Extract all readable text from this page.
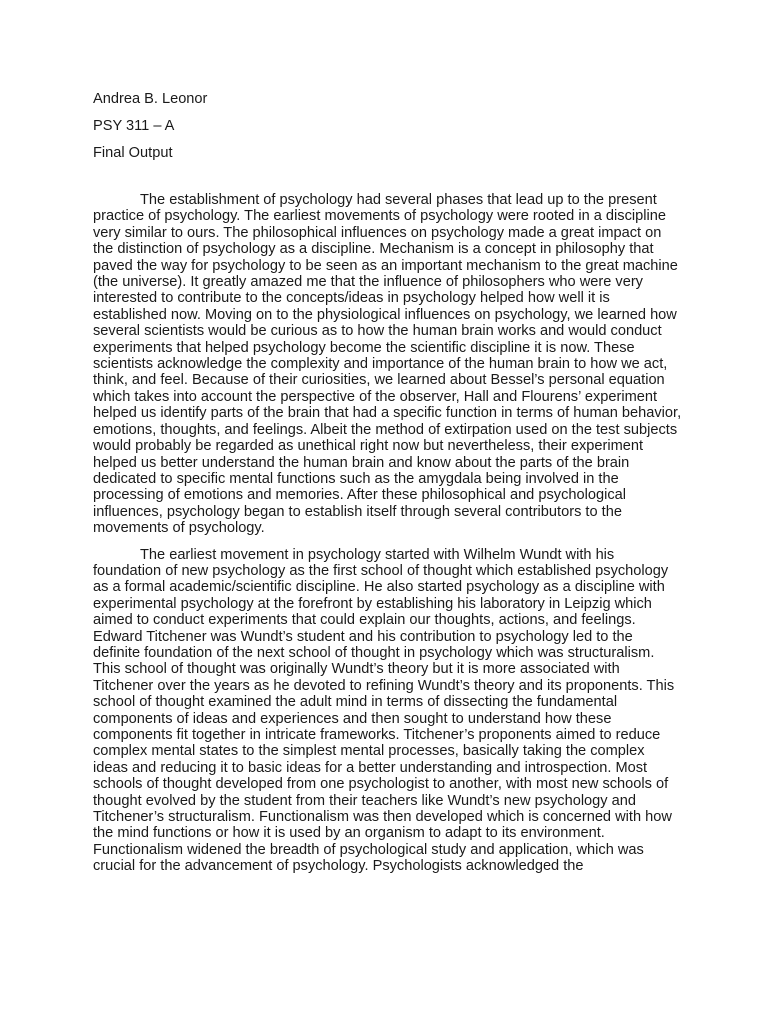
Andrea B. Leonor
PSY 311 – A
Final Output

The establishment of psychology had several phases that lead up to the present practice of psychology. The earliest movements of psychology were rooted in a discipline very similar to ours. The philosophical influences on psychology made a great impact on the distinction of psychology as a discipline. Mechanism is a concept in philosophy that paved the way for psychology to be seen as an important mechanism to the great machine (the universe). It greatly amazed me that the influence of philosophers who were very interested to contribute to the concepts/ideas in psychology helped how well it is established now. Moving on to the physiological influences on psychology, we learned how several scientists would be curious as to how the human brain works and would conduct experiments that helped psychology become the scientific discipline it is now. These scientists acknowledge the complexity and importance of the human brain to how we act, think, and feel. Because of their curiosities, we learned about Bessel’s personal equation which takes into account the perspective of the observer, Hall and Flourens’ experiment helped us identify parts of the brain that had a specific function in terms of human behavior, emotions, thoughts, and feelings. Albeit the method of extirpation used on the test subjects would probably be regarded as unethical right now but nevertheless, their experiment helped us better understand the human brain and know about the parts of the brain dedicated to specific mental functions such as the amygdala being involved in the processing of emotions and memories. After these philosophical and psychological influences, psychology began to establish itself through several contributors to the movements of psychology.

The earliest movement in psychology started with Wilhelm Wundt with his foundation of new psychology as the first school of thought which established psychology as a formal academic/scientific discipline. He also started psychology as a discipline with experimental psychology at the forefront by establishing his laboratory in Leipzig which aimed to conduct experiments that could explain our thoughts, actions, and feelings. Edward Titchener was Wundt’s student and his contribution to psychology led to the definite foundation of the next school of thought in psychology which was structuralism. This school of thought was originally Wundt’s theory but it is more associated with Titchener over the years as he devoted to refining Wundt’s theory and its proponents. This school of thought examined the adult mind in terms of dissecting the fundamental components of ideas and experiences and then sought to understand how these components fit together in intricate frameworks. Titchener’s proponents aimed to reduce complex mental states to the simplest mental processes, basically taking the complex ideas and reducing it to basic ideas for a better understanding and introspection. Most schools of thought developed from one psychologist to another, with most new schools of thought evolved by the student from their teachers like Wundt’s new psychology and Titchener’s structuralism. Functionalism was then developed which is concerned with how the mind functions or how it is used by an organism to adapt to its environment. Functionalism widened the breadth of psychological study and application, which was crucial for the advancement of psychology. Psychologists acknowledged the
